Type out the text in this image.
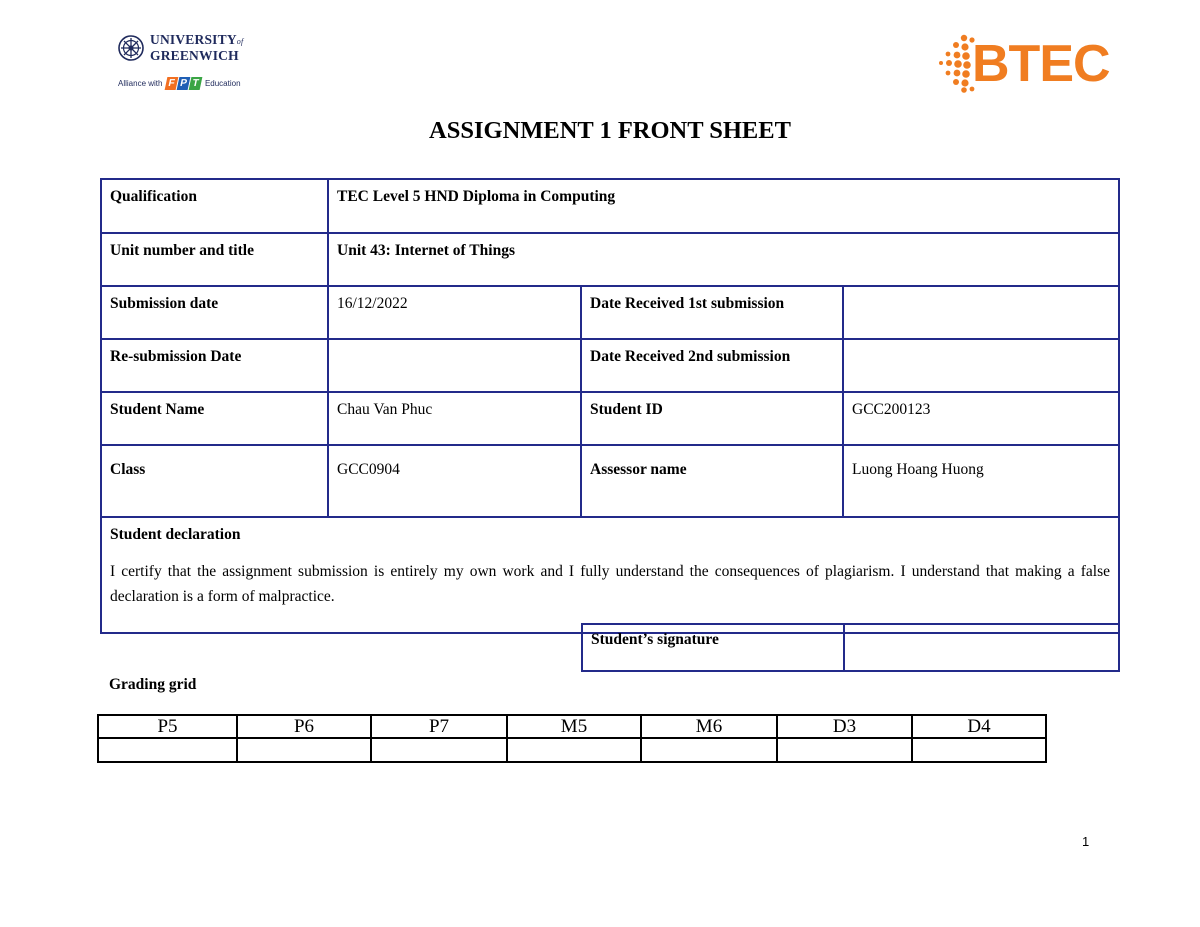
UNIVERSITYof
GREENWICH
Alliance with F P T Education	BTEC
ASSIGNMENT 1 FRONT SHEET
Qualification	TEC Level 5 HND Diploma in Computing		
Unit number and title	Unit 43: Internet of Things		
Submission date	16/12/2022	Date Received 1st submission	
Re-submission Date		Date Received 2nd submission	
Student Name	Chau Van Phuc	Student ID	GCC200123
Class	GCC0904	Assessor name	Luong Hoang Huong

Student declaration
I certify that the assignment submission is entirely my own work and I fully understand the consequences of plagiarism. I understand that making a false declaration is a form of malpractice.			
Student’s signature	
Grading grid
P5	P6	P7	M5	M6	D3	D4

1
